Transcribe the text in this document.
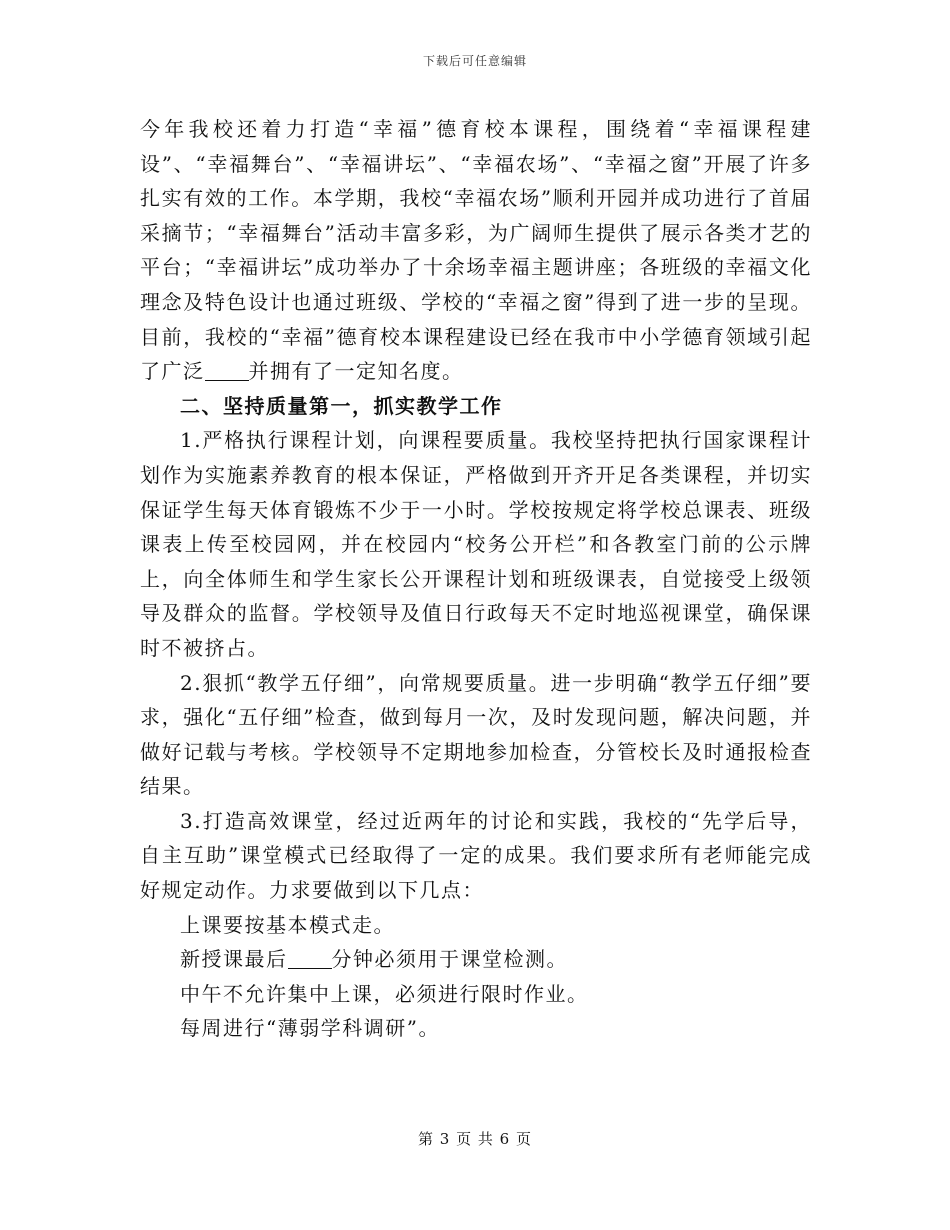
下载后可任意编辑

今年我校还着力打造“幸福”德育校本课程，围绕着“幸福课程建设”、“幸福舞台”、“幸福讲坛”、“幸福农场”、“幸福之窗”开展了许多扎实有效的工作。本学期，我校“幸福农场”顺利开园并成功进行了首届采摘节；“幸福舞台”活动丰富多彩，为广阔师生提供了展示各类才艺的平台；“幸福讲坛”成功举办了十余场幸福主题讲座；各班级的幸福文化理念及特色设计也通过班级、学校的“幸福之窗”得到了进一步的呈现。目前，我校的“幸福”德育校本课程建设已经在我市中小学德育领域引起了广泛 并拥有了一定知名度。

二、坚持质量第一，抓实教学工作

1.严格执行课程计划，向课程要质量。我校坚持把执行国家课程计划作为实施素养教育的根本保证，严格做到开齐开足各类课程，并切实保证学生每天体育锻炼不少于一小时。学校按规定将学校总课表、班级课表上传至校园网，并在校园内“校务公开栏”和各教室门前的公示牌上，向全体师生和学生家长公开课程计划和班级课表，自觉接受上级领导及群众的监督。学校领导及值日行政每天不定时地巡视课堂，确保课时不被挤占。

2.狠抓“教学五仔细”，向常规要质量。进一步明确“教学五仔细”要求，强化“五仔细”检查，做到每月一次，及时发现问题，解决问题，并做好记载与考核。学校领导不定期地参加检查，分管校长及时通报检查结果。

3.打造高效课堂，经过近两年的讨论和实践，我校的“先学后导，自主互助”课堂模式已经取得了一定的成果。我们要求所有老师能完成好规定动作。力求要做到以下几点：

上课要按基本模式走。

新授课最后 分钟必须用于课堂检测。

中午不允许集中上课，必须进行限时作业。

每周进行“薄弱学科调研”。

第 3 页 共 6 页
